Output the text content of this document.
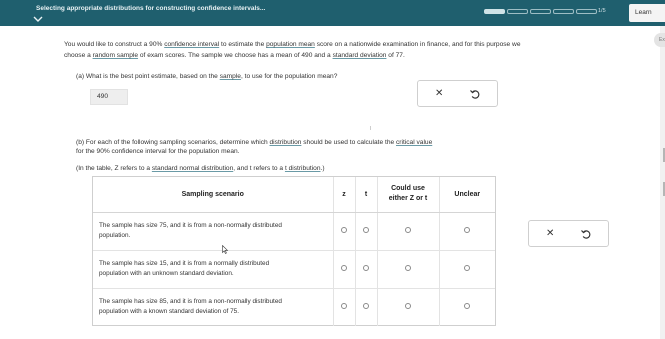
Selecting appropriate distributions for constructing confidence intervals...	1/5	Learn
Ex
You would like to construct a 90% confidence interval to estimate the population mean score on a nationwide examination in finance, and for this purpose we
choose a random sample of exam scores. The sample we choose has a mean of 490 and a standard deviation of 77.
(a) What is the best point estimate, based on the sample, to use for the population mean?
490	✕
I
(b) For each of the following sampling scenarios, determine which distribution should be used to calculate the critical value
for the 90% confidence interval for the population mean.
(In the table, Z refers to a standard normal distribution, and t refers to a t distribution.)
Sampling scenario	z	t	Could use
either Z or t	Unclear
The sample has size 75, and it is from a non-normally distributed
population.				
The sample has size 15, and it is from a normally distributed
population with an unknown standard deviation.				
The sample has size 85, and it is from a non-normally distributed
population with a known standard deviation of 75.				
✕
